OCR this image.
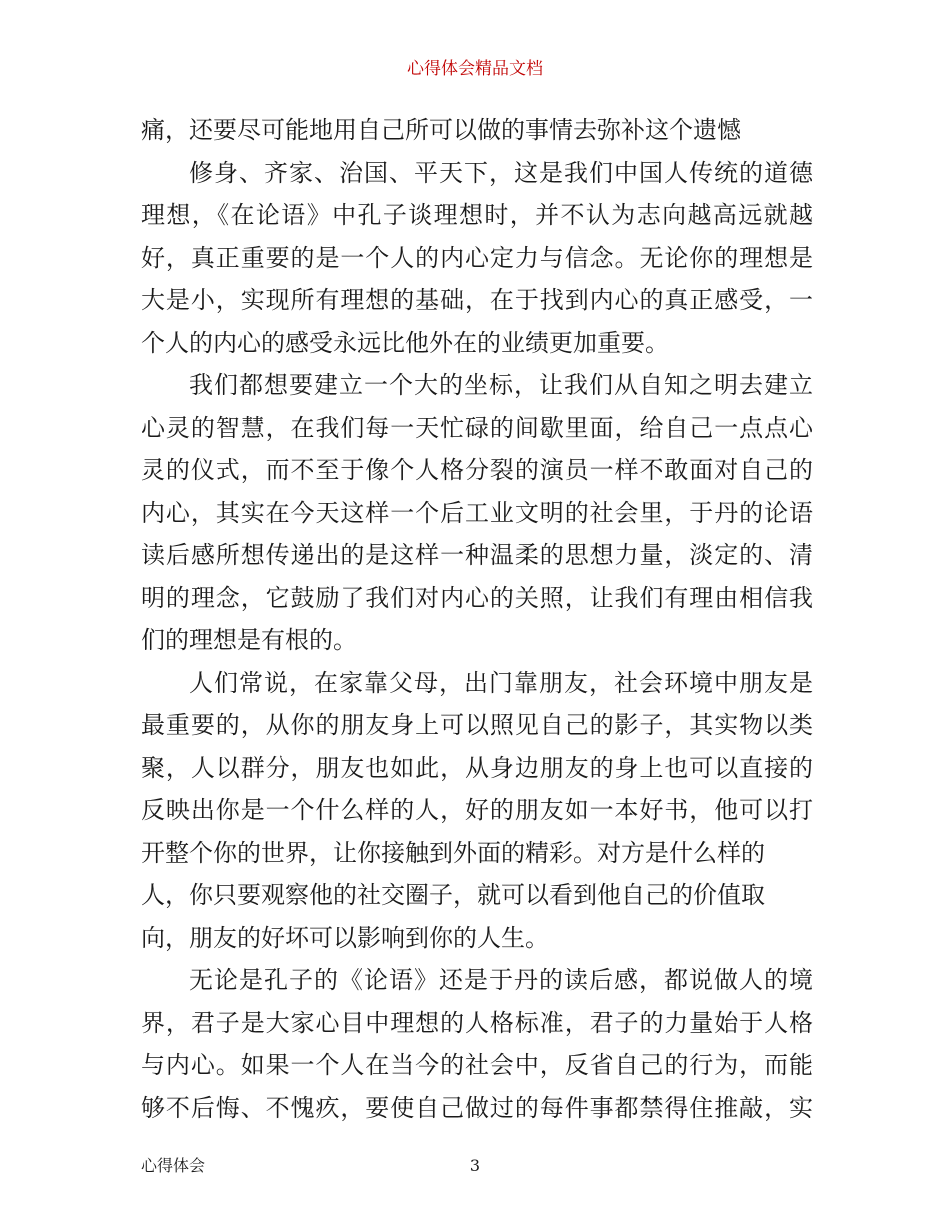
心得体会精品文档
痛，还要尽可能地用自己所可以做的事情去弥补这个遗憾
修身、齐家、治国、平天下，这是我们中国人传统的道德
理想，《在论语》中孔子谈理想时，并不认为志向越高远就越
好，真正重要的是一个人的内心定力与信念。无论你的理想是
大是小，实现所有理想的基础，在于找到内心的真正感受，一
个人的内心的感受永远比他外在的业绩更加重要。
我们都想要建立一个大的坐标，让我们从自知之明去建立
心灵的智慧，在我们每一天忙碌的间歇里面，给自己一点点心
灵的仪式，而不至于像个人格分裂的演员一样不敢面对自己的
内心，其实在今天这样一个后工业文明的社会里，于丹的论语
读后感所想传递出的是这样一种温柔的思想力量，淡定的、清
明的理念，它鼓励了我们对内心的关照，让我们有理由相信我
们的理想是有根的。
人们常说，在家靠父母，出门靠朋友，社会环境中朋友是
最重要的，从你的朋友身上可以照见自己的影子，其实物以类
聚，人以群分，朋友也如此，从身边朋友的身上也可以直接的
反映出你是一个什么样的人，好的朋友如一本好书，他可以打
开整个你的世界，让你接触到外面的精彩。对方是什么样的
人，你只要观察他的社交圈子，就可以看到他自己的价值取
向，朋友的好坏可以影响到你的人生。
无论是孔子的《论语》还是于丹的读后感，都说做人的境
界，君子是大家心目中理想的人格标准，君子的力量始于人格
与内心。如果一个人在当今的社会中，反省自己的行为，而能
够不后悔、不愧疚，要使自己做过的每件事都禁得住推敲，实
心得体会	3
